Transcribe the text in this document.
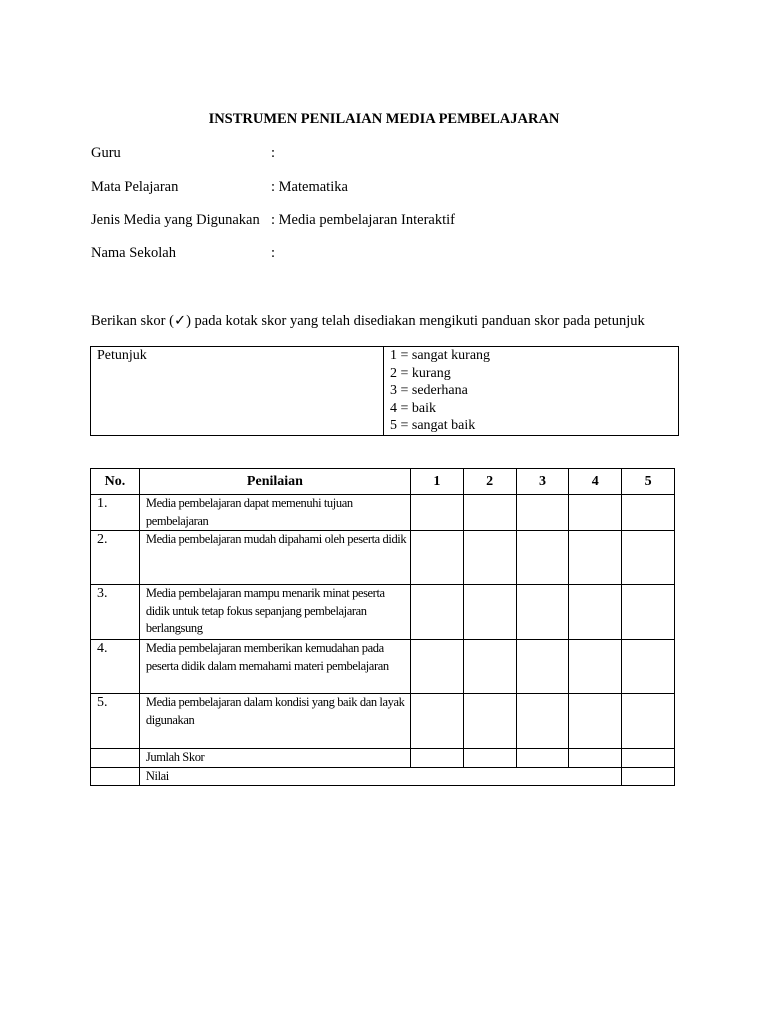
INSTRUMEN PENILAIAN MEDIA PEMBELAJARAN
Guru	:
Mata Pelajaran	: Matematika
Jenis Media yang Digunakan : Media pembelajaran Interaktif
Nama Sekolah	:
Berikan skor (✓) pada kotak skor yang telah disediakan mengikuti panduan skor pada petunjuk
Petunjuk	1 = sangat kurang
2 = kurang
3 = sederhana
4 = baik
5 = sangat baik
No.	Penilaian	1	2	3	4	5
1.	Media pembelajaran dapat memenuhi tujuan pembelajaran					
2.	Media pembelajaran mudah dipahami oleh peserta didik					
3.	Media pembelajaran mampu menarik minat peserta didik untuk tetap fokus sepanjang pembelajaran berlangsung					
4.	Media pembelajaran memberikan kemudahan pada peserta didik dalam memahami materi pembelajaran					
5.	Media pembelajaran dalam kondisi yang baik dan layak digunakan					
	Jumlah Skor					
	Nilai					
